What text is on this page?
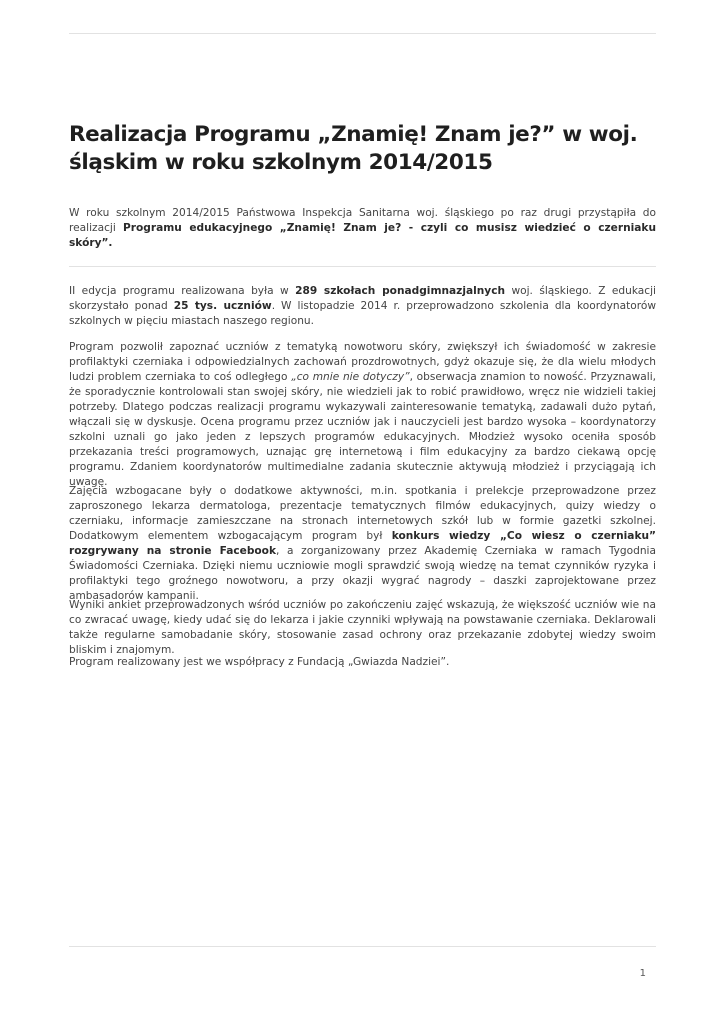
Realizacja Programu „Znamię! Znam je?” w woj. śląskim w roku szkolnym 2014/2015

W roku szkolnym 2014/2015 Państwowa Inspekcja Sanitarna woj. śląskiego po raz drugi przystąpiła do realizacji Programu edukacyjnego „Znamię! Znam je? - czyli co musisz wiedzieć o czerniaku skóry”.

II edycja programu realizowana była w 289 szkołach ponadgimnazjalnych woj. śląskiego. Z edukacji skorzystało ponad 25 tys. uczniów. W listopadzie 2014 r. przeprowadzono szkolenia dla koordynatorów szkolnych w pięciu miastach naszego regionu.

Program pozwolił zapoznać uczniów z tematyką nowotworu skóry, zwiększył ich świadomość w zakresie profilaktyki czerniaka i odpowiedzialnych zachowań prozdrowotnych, gdyż okazuje się, że dla wielu młodych ludzi problem czerniaka to coś odległego „co mnie nie dotyczy”, obserwacja znamion to nowość. Przyznawali, że sporadycznie kontrolowali stan swojej skóry, nie wiedzieli jak to robić prawidłowo, wręcz nie widzieli takiej potrzeby. Dlatego podczas realizacji programu wykazywali zainteresowanie tematyką, zadawali dużo pytań, włączali się w dyskusje. Ocena programu przez uczniów jak i nauczycieli jest bardzo wysoka – koordynatorzy szkolni uznali go jako jeden z lepszych programów edukacyjnych. Młodzież wysoko oceniła sposób przekazania treści programowych, uznając grę internetową i film edukacyjny za bardzo ciekawą opcję programu. Zdaniem koordynatorów multimedialne zadania skutecznie aktywują młodzież i przyciągają ich uwagę.

Zajęcia wzbogacane były o dodatkowe aktywności, m.in. spotkania i prelekcje przeprowadzone przez zaproszonego lekarza dermatologa, prezentacje tematycznych filmów edukacyjnych, quizy wiedzy o czerniaku, informacje zamieszczane na stronach internetowych szkół lub w formie gazetki szkolnej. Dodatkowym elementem wzbogacającym program był konkurs wiedzy „Co wiesz o czerniaku” rozgrywany na stronie Facebook, a zorganizowany przez Akademię Czerniaka w ramach Tygodnia Świadomości Czerniaka. Dzięki niemu uczniowie mogli sprawdzić swoją wiedzę na temat czynników ryzyka i profilaktyki tego groźnego nowotworu, a przy okazji wygrać nagrody – daszki zaprojektowane przez ambasadorów kampanii.

Wyniki ankiet przeprowadzonych wśród uczniów po zakończeniu zajęć wskazują, że większość uczniów wie na co zwracać uwagę, kiedy udać się do lekarza i jakie czynniki wpływają na powstawanie czerniaka. Deklarowali także regularne samobadanie skóry, stosowanie zasad ochrony oraz przekazanie zdobytej wiedzy swoim bliskim i znajomym.

Program realizowany jest we współpracy z Fundacją „Gwiazda Nadziei”.

1
